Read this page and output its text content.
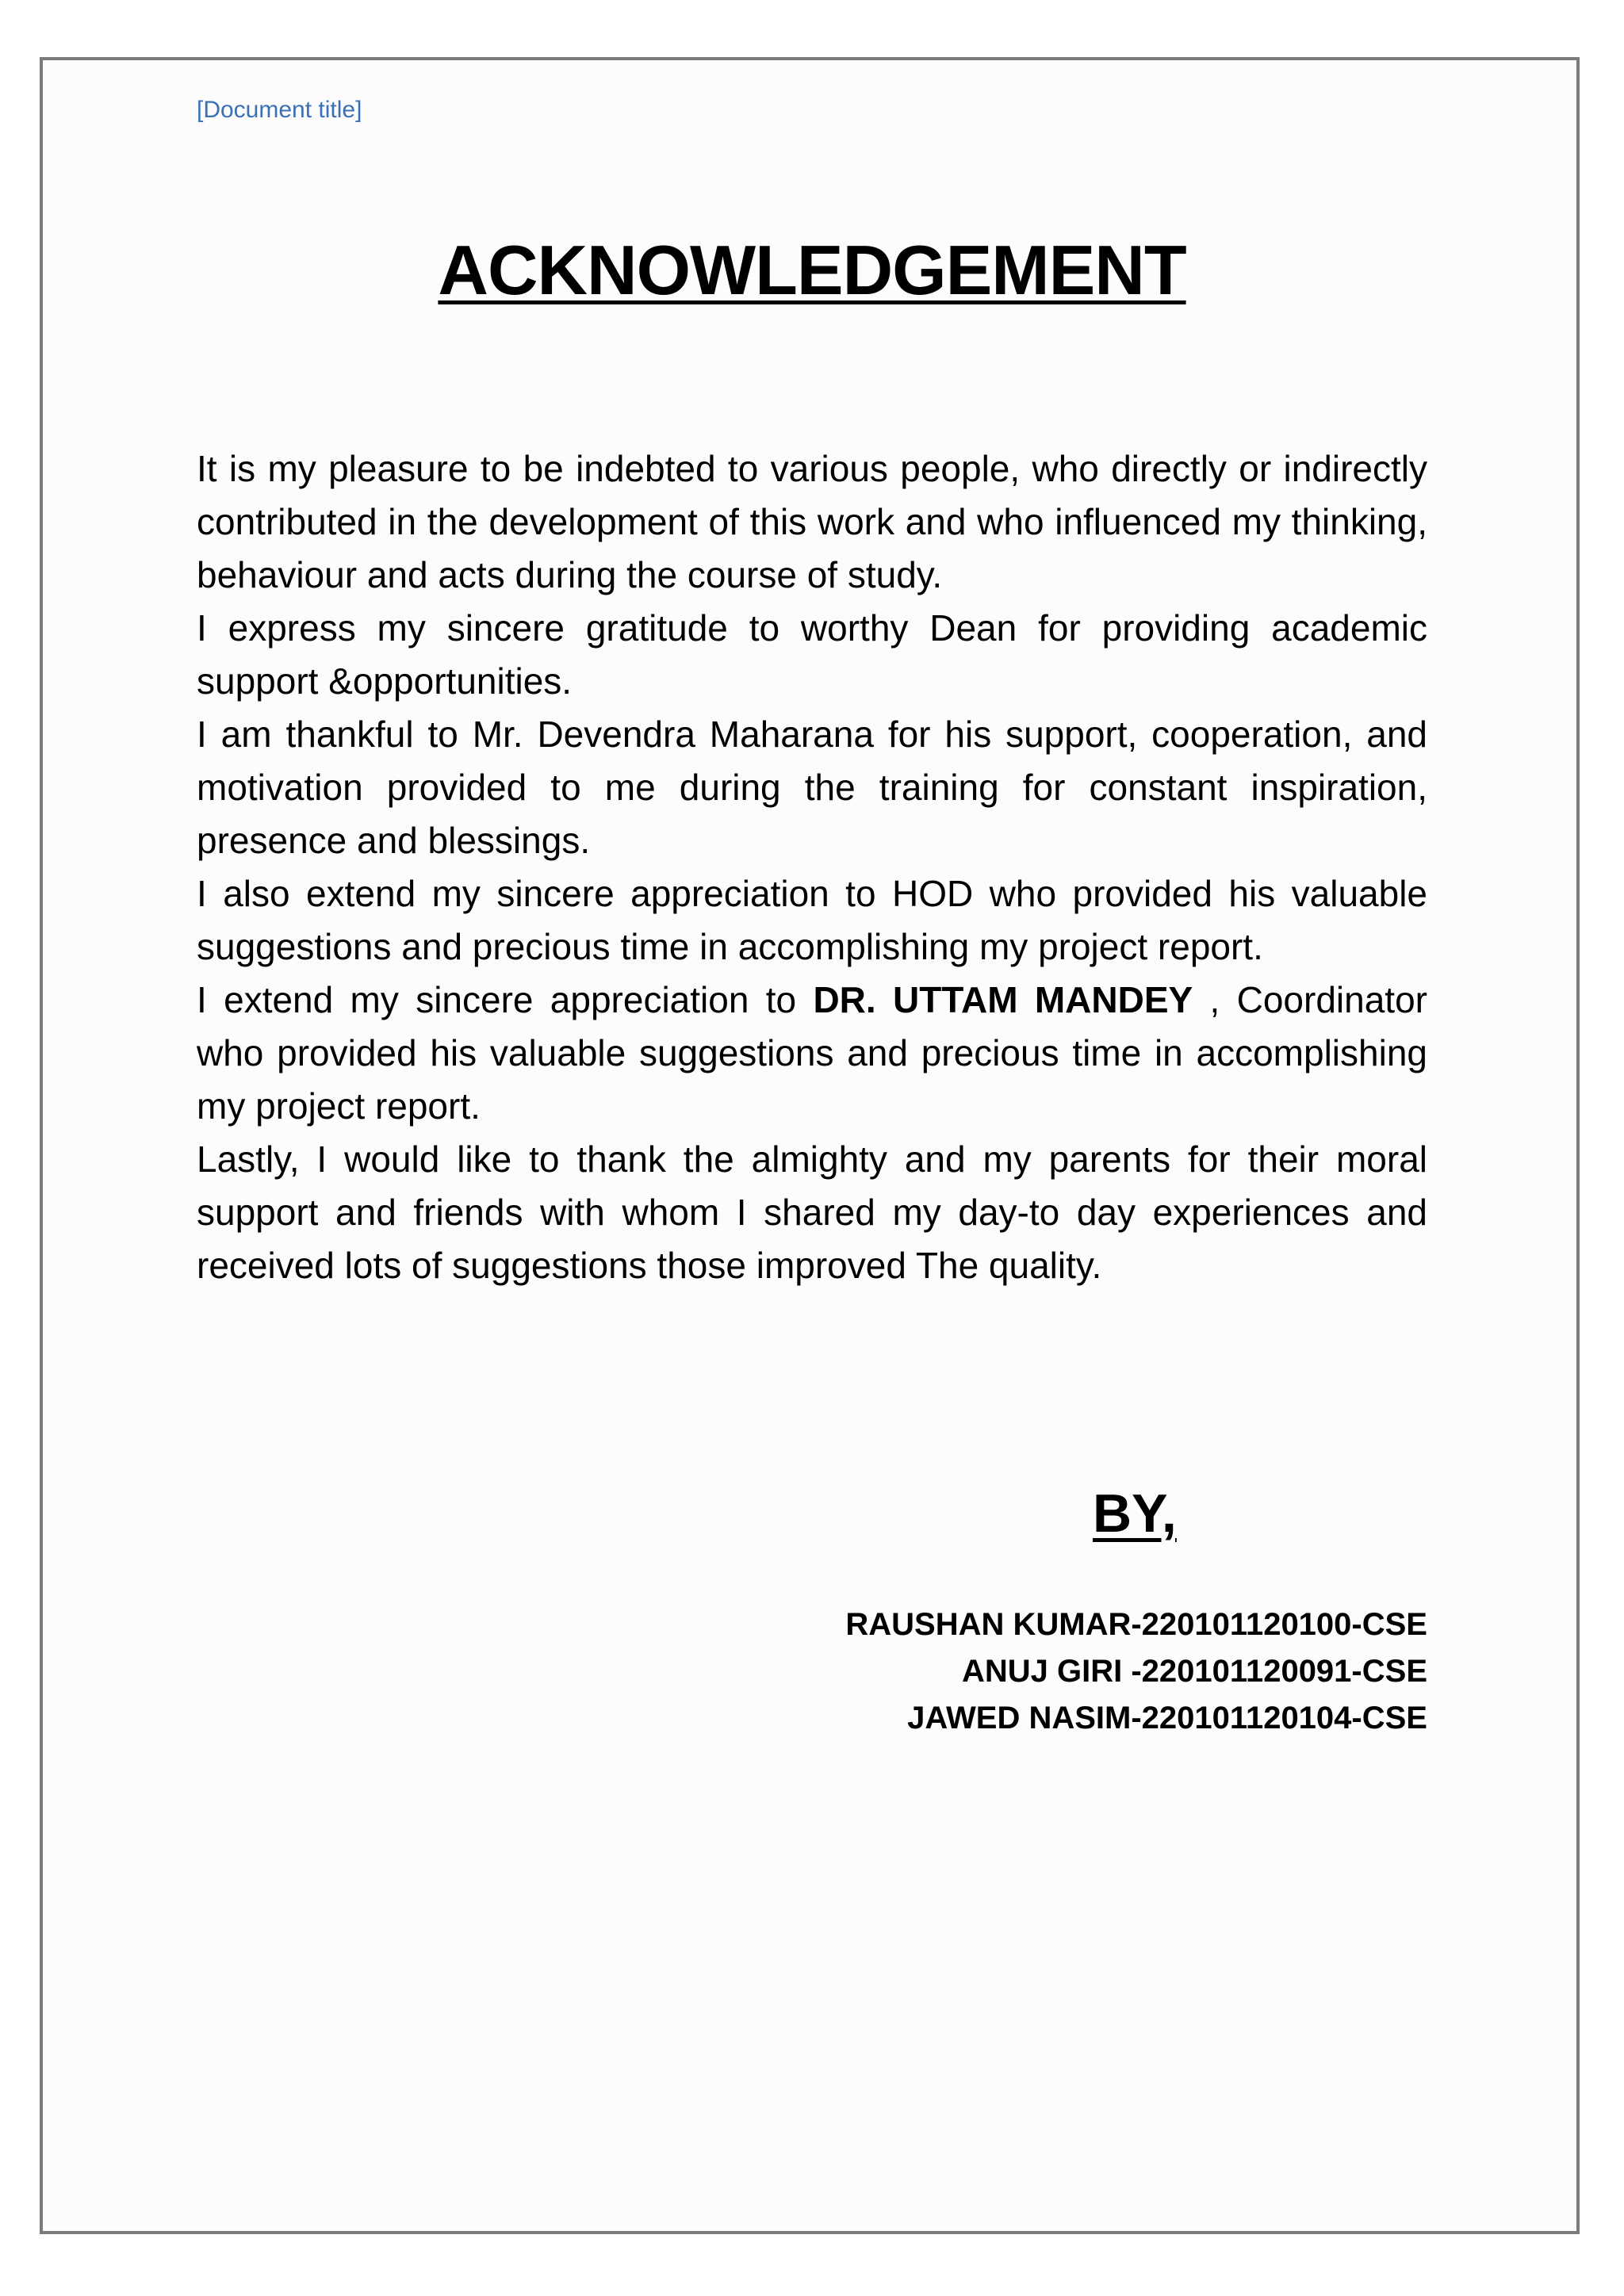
[Document title]
ACKNOWLEDGEMENT

It is my pleasure to be indebted to various people, who directly or indirectly contributed in the development of this work and who influenced my thinking, behaviour and acts during the course of study.

I express my sincere gratitude to worthy Dean for providing academic support &opportunities.

I am thankful to Mr. Devendra Maharana for his support, cooperation, and motivation provided to me during the training for constant inspiration, presence and blessings.

I also extend my sincere appreciation to HOD who provided his valuable suggestions and precious time in accomplishing my project report.

I extend my sincere appreciation to DR. UTTAM MANDEY , Coordinator who provided his valuable suggestions and precious time in accomplishing my project report.

Lastly, I would like to thank the almighty and my parents for their moral support and friends with whom I shared my day-to day experiences and received lots of suggestions those improved The quality.

BY,
RAUSHAN KUMAR-220101120100-CSE
ANUJ GIRI -220101120091-CSE
JAWED NASIM-220101120104-CSE
